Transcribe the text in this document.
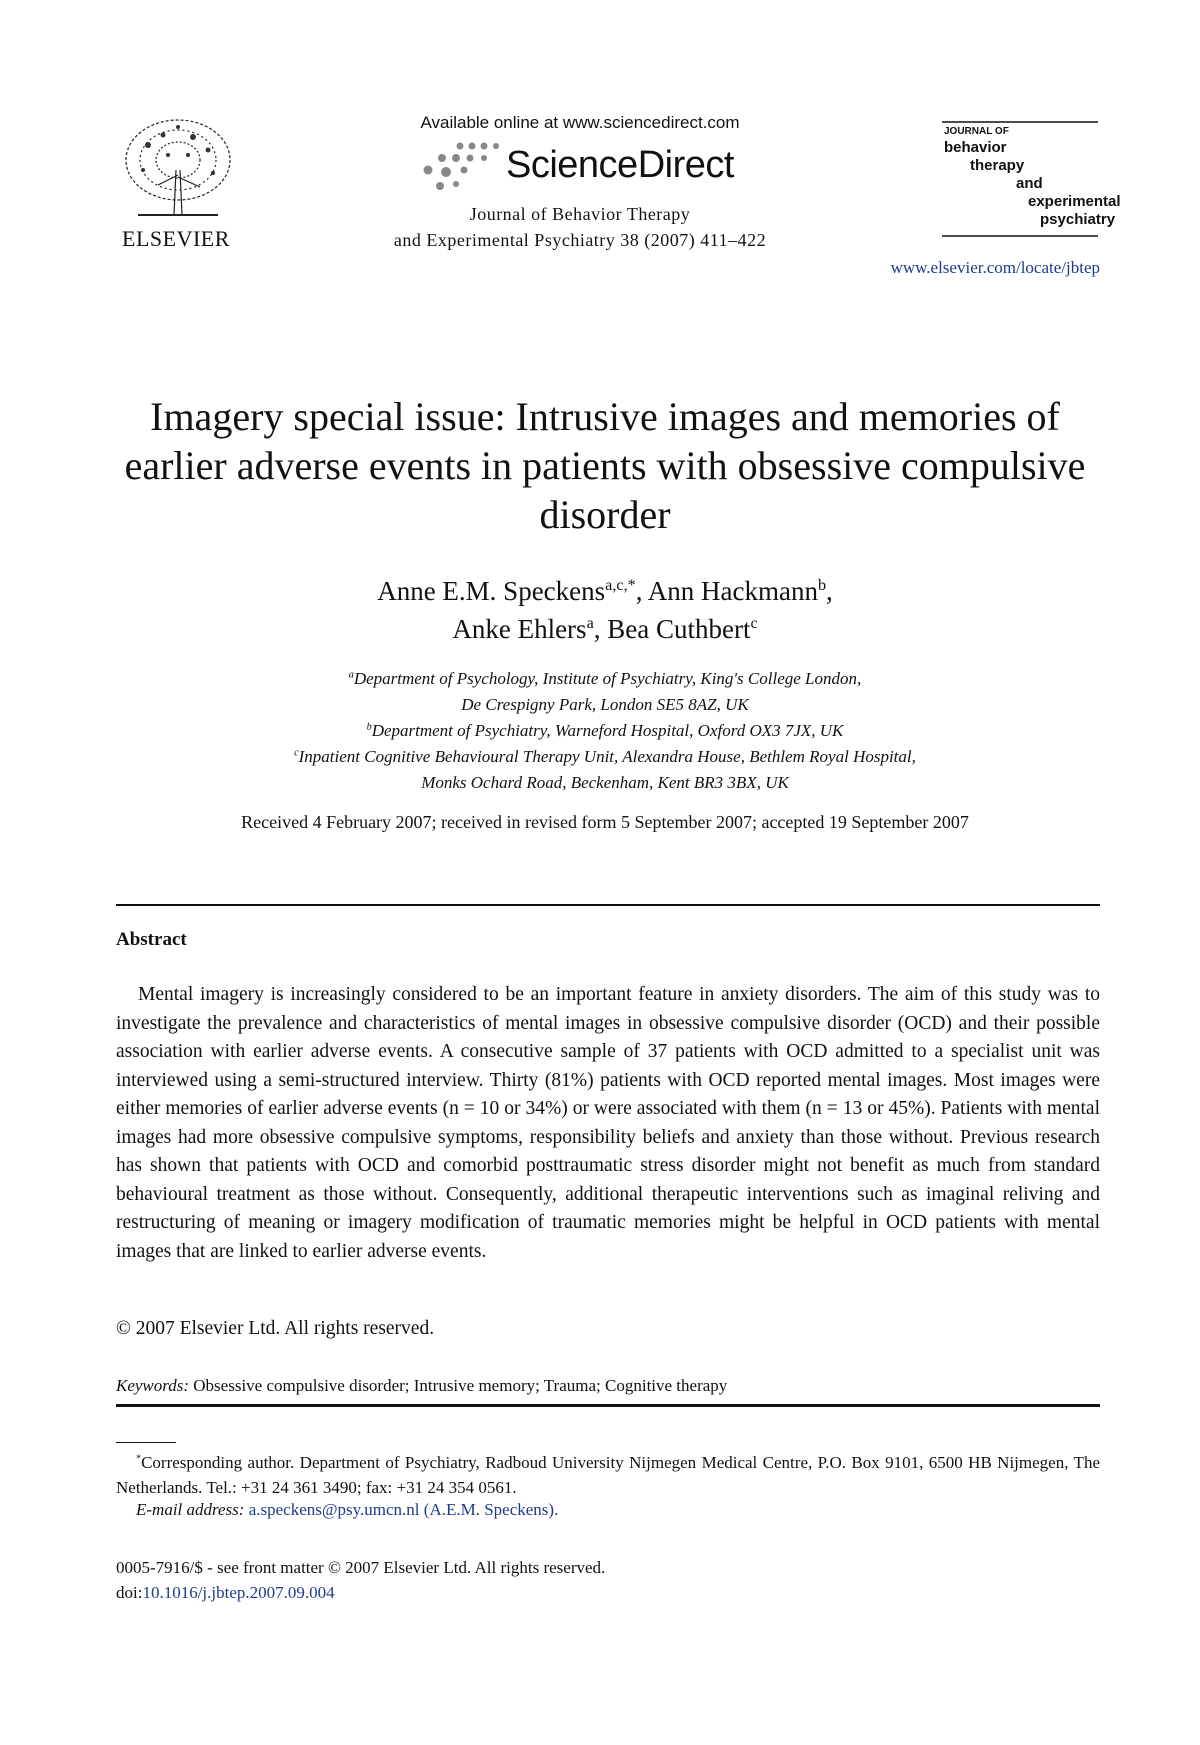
ELSEVIER
Available online at www.sciencedirect.com
ScienceDirect
Journal of Behavior Therapy
and Experimental Psychiatry 38 (2007) 411–422
JOURNAL OF
behavior
therapy
and
experimental
psychiatry
www.elsevier.com/locate/jbtep
Imagery special issue: Intrusive images and memories of earlier adverse events in patients with obsessive compulsive disorder
Anne E.M. Speckens$^{a,c,*}$, Ann Hackmann$^b$,
Anke Ehlers$^a$, Bea Cuthbert$^c$
$^a$Department of Psychology, Institute of Psychiatry, King's College London,
De Crespigny Park, London SE5 8AZ, UK
$^b$Department of Psychiatry, Warneford Hospital, Oxford OX3 7JX, UK
$^c$Inpatient Cognitive Behavioural Therapy Unit, Alexandra House, Bethlem Royal Hospital,
Monks Ochard Road, Beckenham, Kent BR3 3BX, UK
Received 4 February 2007; received in revised form 5 September 2007; accepted 19 September 2007
Abstract
Mental imagery is increasingly considered to be an important feature in anxiety disorders. The aim of this study was to investigate the prevalence and characteristics of mental images in obsessive compulsive disorder (OCD) and their possible association with earlier adverse events. A consecutive sample of 37 patients with OCD admitted to a specialist unit was interviewed using a semi-structured interview. Thirty (81%) patients with OCD reported mental images. Most images were either memories of earlier adverse events (n = 10 or 34%) or were associated with them (n = 13 or 45%). Patients with mental images had more obsessive compulsive symptoms, responsibility beliefs and anxiety than those without. Previous research has shown that patients with OCD and comorbid posttraumatic stress disorder might not benefit as much from standard behavioural treatment as those without. Consequently, additional therapeutic interventions such as imaginal reliving and restructuring of meaning or imagery modification of traumatic memories might be helpful in OCD patients with mental images that are linked to earlier adverse events.
© 2007 Elsevier Ltd. All rights reserved.
Keywords: Obsessive compulsive disorder; Intrusive memory; Trauma; Cognitive therapy
*Corresponding author. Department of Psychiatry, Radboud University Nijmegen Medical Centre, P.O. Box 9101, 6500 HB Nijmegen, The Netherlands. Tel.: +31 24 361 3490; fax: +31 24 354 0561.
E-mail address: a.speckens@psy.umcn.nl (A.E.M. Speckens).
0005-7916/$ - see front matter © 2007 Elsevier Ltd. All rights reserved.
doi:10.1016/j.jbtep.2007.09.004
